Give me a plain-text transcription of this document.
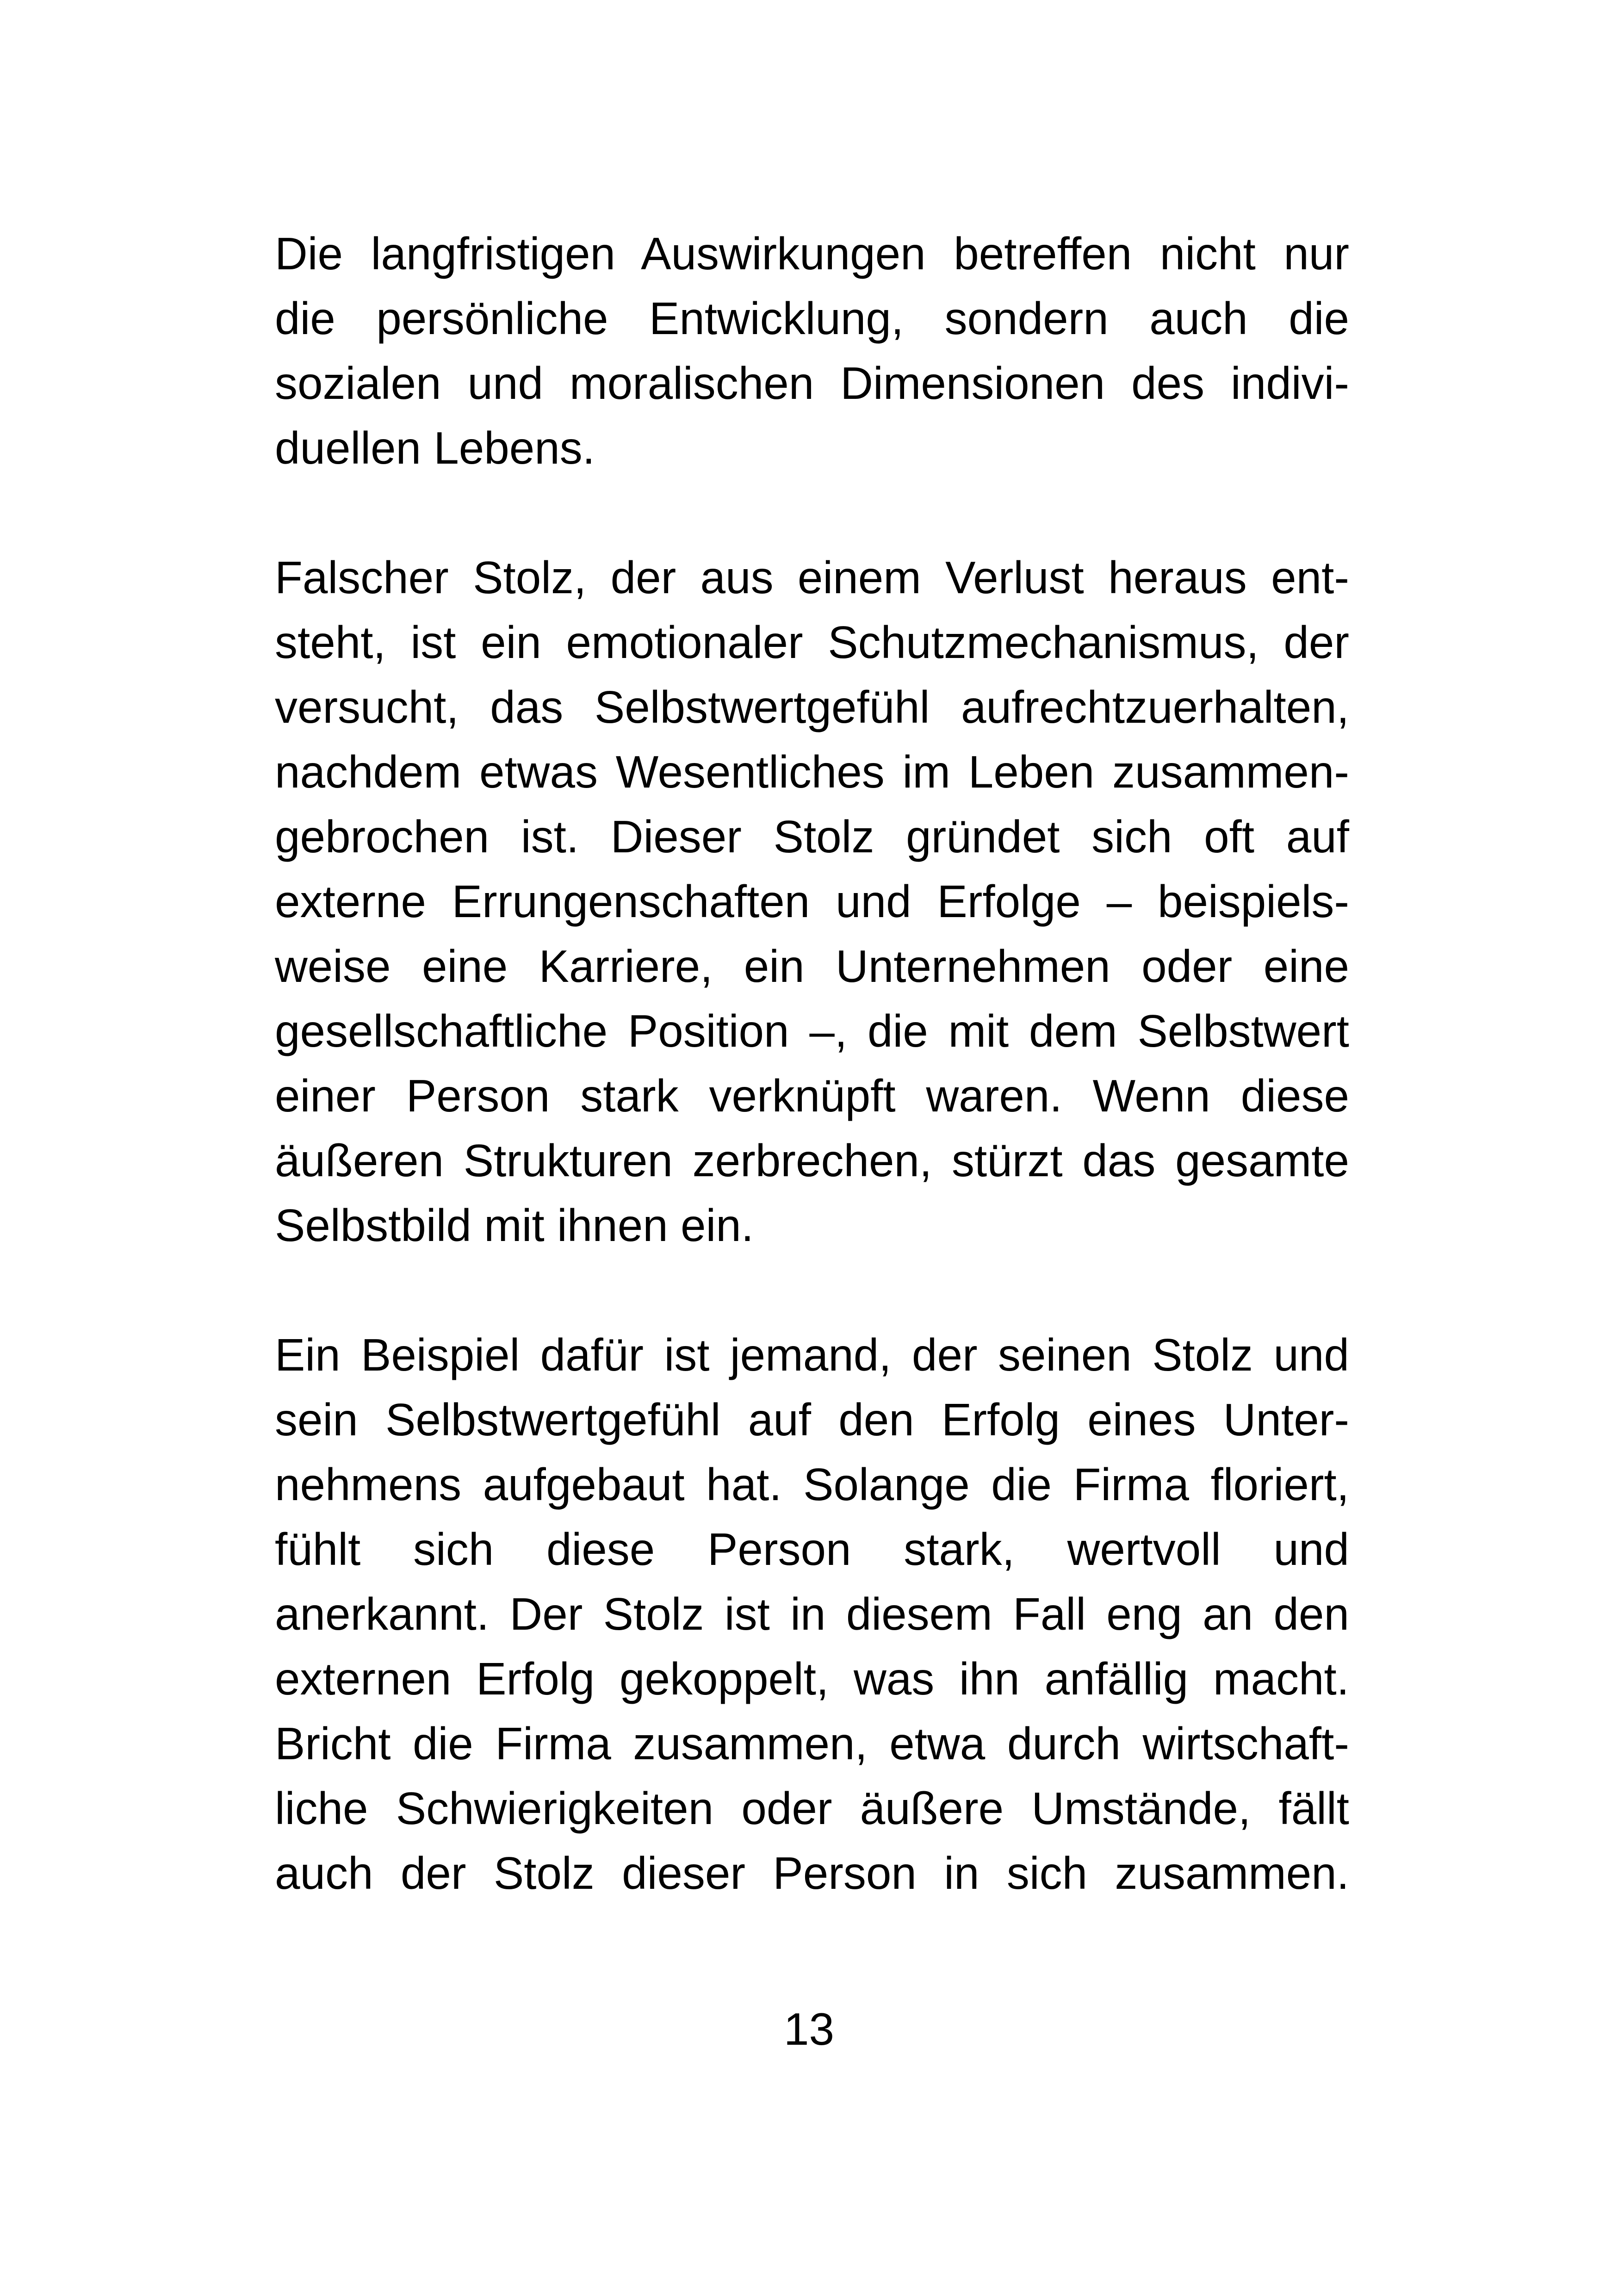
Die langfristigen Auswirkungen betreffen nicht nur
die persönliche Entwicklung, sondern auch die
sozialen und moralischen Dimensionen des indivi-
duellen Lebens.

Falscher Stolz, der aus einem Verlust heraus ent-
steht, ist ein emotionaler Schutzmechanismus, der
versucht, das Selbstwertgefühl aufrechtzuerhalten,
nachdem etwas Wesentliches im Leben zusammen-
gebrochen ist. Dieser Stolz gründet sich oft auf
externe Errungenschaften und Erfolge – beispiels-
weise eine Karriere, ein Unternehmen oder eine
gesellschaftliche Position –, die mit dem Selbstwert
einer Person stark verknüpft waren. Wenn diese
äußeren Strukturen zerbrechen, stürzt das gesamte
Selbstbild mit ihnen ein.

Ein Beispiel dafür ist jemand, der seinen Stolz und
sein Selbstwertgefühl auf den Erfolg eines Unter-
nehmens aufgebaut hat. Solange die Firma floriert,
fühlt sich diese Person stark, wertvoll und
anerkannt. Der Stolz ist in diesem Fall eng an den
externen Erfolg gekoppelt, was ihn anfällig macht.
Bricht die Firma zusammen, etwa durch wirtschaft-
liche Schwierigkeiten oder äußere Umstände, fällt
auch der Stolz dieser Person in sich zusammen.

13
